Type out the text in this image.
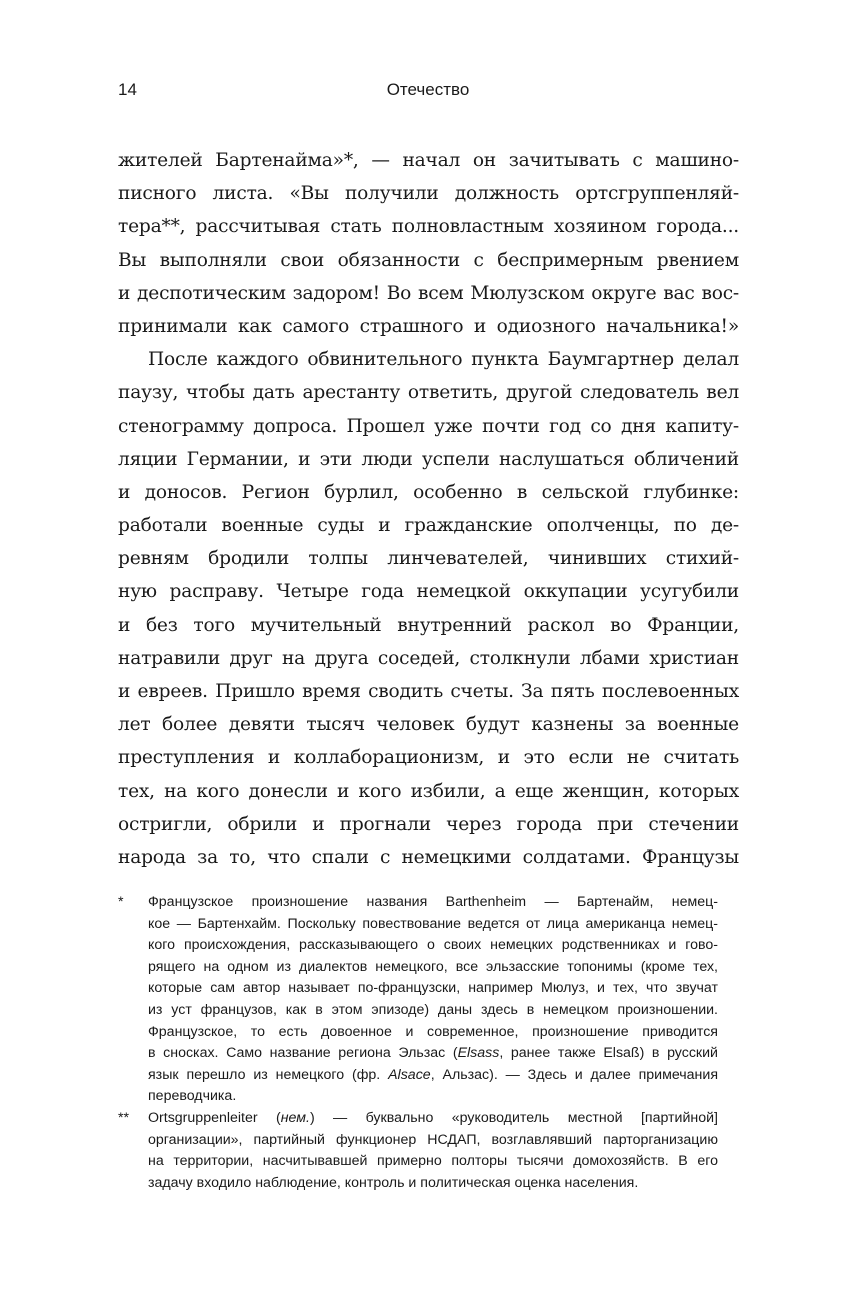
14	Отечество
жителей Бартенайма»*, — начал он зачитывать с машино-
писного листа. «Вы получили должность ортсгруппенляй-
тера**, рассчитывая стать полновластным хозяином города...
Вы выполняли свои обязанности с беспримерным рвением
и деспотическим задором! Во всем Мюлузском округе вас вос-
принимали как самого страшного и одиозного начальника!»
После каждого обвинительного пункта Баумгартнер делал
паузу, чтобы дать арестанту ответить, другой следователь вел
стенограмму допроса. Прошел уже почти год со дня капиту-
ляции Германии, и эти люди успели наслушаться обличений
и доносов. Регион бурлил, особенно в сельской глубинке:
работали военные суды и гражданские ополченцы, по де-
ревням бродили толпы линчевателей, чинивших стихий-
ную расправу. Четыре года немецкой оккупации усугубили
и без того мучительный внутренний раскол во Франции,
натравили друг на друга соседей, столкнули лбами христиан
и евреев. Пришло время сводить счеты. За пять послевоенных
лет более девяти тысяч человек будут казнены за военные
преступления и коллаборационизм, и это если не считать
тех, на кого донесли и кого избили, а еще женщин, которых
остригли, обрили и прогнали через города при стечении
народа за то, что спали с немецкими солдатами. Французы
* Французское произношение названия Barthenheim — Бартенайм, немец-
кое — Бартенхайм. Поскольку повествование ведется от лица американца немец-
кого происхождения, рассказывающего о своих немецких родственниках и гово-
рящего на одном из диалектов немецкого, все эльзасские топонимы (кроме тех,
которые сам автор называет по-французски, например Мюлуз, и тех, что звучат
из уст французов, как в этом эпизоде) даны здесь в немецком произношении.
Французское, то есть довоенное и современное, произношение приводится
в сносках. Само название региона Эльзас (Elsass, ранее также Elsaß) в русский
язык перешло из немецкого (фр. Alsace, Альзас). — Здесь и далее примечания
переводчика.
** Ortsgruppenleiter (нем.) — буквально «руководитель местной [партийной]
организации», партийный функционер НСДАП, возглавлявший парторганизацию
на территории, насчитывавшей примерно полторы тысячи домохозяйств. В его
задачу входило наблюдение, контроль и политическая оценка населения.
